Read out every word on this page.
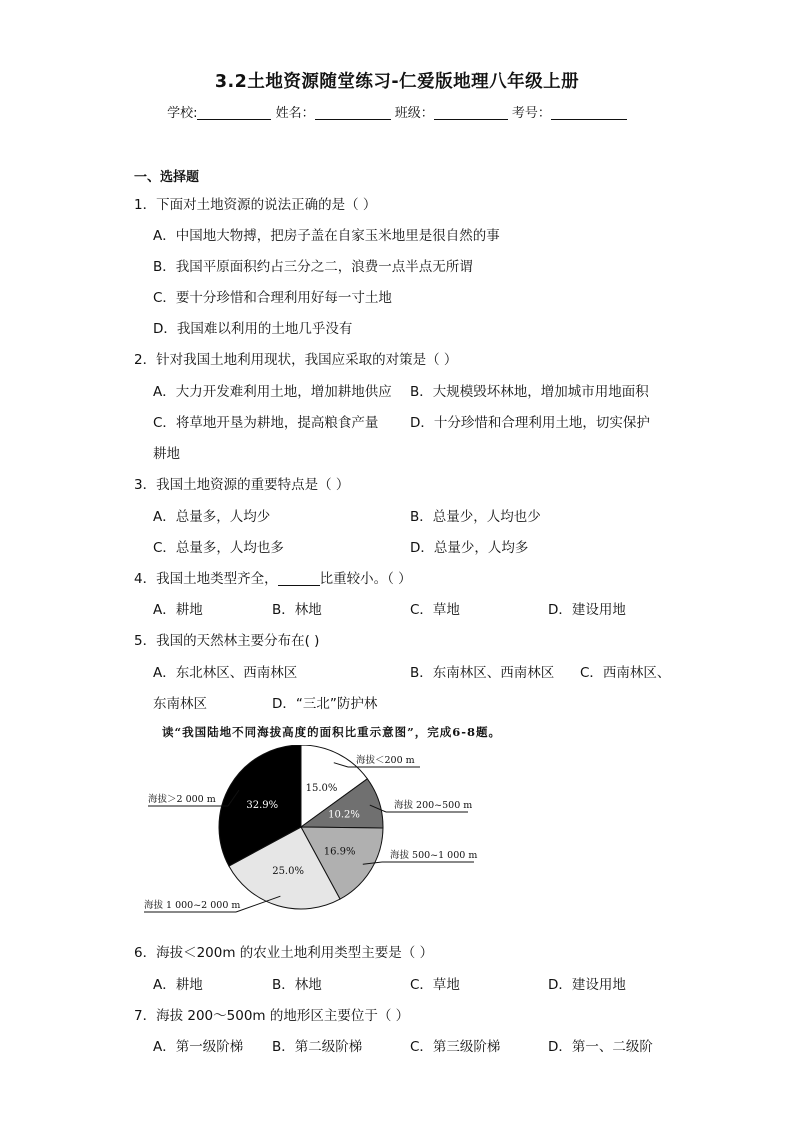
3.2土地资源随堂练习-仁爱版地理八年级上册
学校:	姓名：	班级：	考号：
一、选择题
1．下面对土地资源的说法正确的是（ ）
A．中国地大物搏，把房子盖在自家玉米地里是很自然的事
B．我国平原面积约占三分之二，浪费一点半点无所谓
C．要十分珍惜和合理利用好每一寸土地
D．我国难以利用的土地几乎没有
2．针对我国土地利用现状，我国应采取的对策是（ ）
A．大力开发难利用土地，增加耕地供应 B．大规模毁坏林地，增加城市用地面积
C．将草地开垦为耕地，提高粮食产量 D．十分珍惜和合理利用土地，切实保护
耕地
3．我国土地资源的重要特点是（ ）
A．总量多，人均少	B．总量少，人均也少
C．总量多，人均也多	D．总量少，人均多
4．我国土地类型齐全，	比重较小。（ ）
A．耕地	B．林地	C．草地	D．建设用地
5．我国的天然林主要分布在( )
A．东北林区、西南林区	B．东南林区、西南林区 C．西南林区、
东南林区	D．“三北”防护林
读“我国陆地不同海拔高度的面积比重示意图”，完成6-8题。
15.0%
10.2%
16.9%
25.0%
32.9%
海拔＜200 m
海拔 200~500 m
海拔 500~1 000 m
海拔 1 000~2 000 m
海拔＞2 000 m
6．海拔＜200m 的农业土地利用类型主要是（ ）
A．耕地	B．林地	C．草地	D．建设用地
7．海拔 200～500m 的地形区主要位于（ ）
A．第一级阶梯 B．第二级阶梯	C．第三级阶梯	D．第一、二级阶
